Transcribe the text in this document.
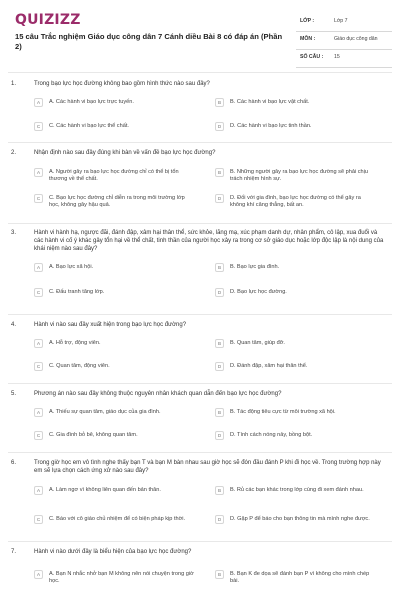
QUIZIZZ
15 câu Trắc nghiệm Giáo dục công dân 7 Cánh diều Bài 8 có đáp án (Phần 2)
LỚP :	Lớp 7
MÔN :	Giáo dục công dân
SỐ CÂU : 15
1.	Trong bạo lực học đường không bao gồm hình thức nào sau đây?
A	A. Các hành vi bạo lực trực tuyến.	B	B. Các hành vi bạo lực vật chất.
C	C. Các hành vi bạo lực thể chất.	D	D. Các hành vi bạo lực tinh thần.
2.	Nhận định nào sau đây đúng khi bàn về vấn đề bạo lực học đường?
A	A. Người gây ra bạo lực học đường chỉ có thể bị tổn thương về thể chất.
B	B. Những người gây ra bạo lực học đường sẽ phải chịu trách nhiệm hình sự.
C	C. Bạo lực học đường chỉ diễn ra trong môi trường lớp học, không gây hậu quả.
D	D. Đối với gia đình, bạo lực học đường có thể gây ra không khí căng thẳng, bất an.
3.	Hành vi hành hạ, ngược đãi, đánh đập, xâm hại thân thể, sức khỏe, lăng mạ, xúc phạm danh dự, nhân phẩm, cô lập, xua đuổi và các hành vi cố ý khác gây tổn hại về thể chất, tinh thần của người học xảy ra trong cơ sở giáo dục hoặc lớp độc lập là nội dung của khái niệm nào sau đây?
A	A. Bạo lực xã hội.	B	B. Bạo lực gia đình.
C	C. Đấu tranh tăng lớp.	D	D. Bạo lực học đường.
4.	Hành vi nào sau đây xuất hiện trong bạo lực học đường?
A	A. Hỗ trợ, động viên.	B	B. Quan tâm, giúp đỡ.
C	C. Quan tâm, động viên.	D	D. Đánh đập, xâm hại thân thể.
5.	Phương án nào sau đây không thuộc nguyên nhân khách quan dẫn đến bạo lực học đường?
A	A. Thiếu sự quan tâm, giáo dục của gia đình.	B	B. Tác động tiêu cực từ môi trường xã hội.
C	C. Gia đình bỏ bê, không quan tâm.	D	D. Tính cách nóng nảy, bồng bột.
6.	Trong giờ học em vô tình nghe thấy bạn T và bạn M bàn nhau sau giờ học sẽ đón đầu đánh P khi đi học về. Trong trường hợp này em sẽ lựa chọn cách ứng xử nào sau đây?
A	A. Làm ngơ vì không liên quan đến bản thân.	B	B. Rủ các bạn khác trong lớp cùng đi xem đánh nhau.
C	C. Báo với cô giáo chủ nhiệm để có biện pháp kịp thời.	D	D. Gặp P để báo cho bạn thông tin mà mình nghe được.
7.	Hành vi nào dưới đây là biểu hiện của bạo lực học đường?
A	A. Bạn N nhắc nhở bạn M không nên nói chuyện trong giờ học.
B	B. Bạn K đe dọa sẽ đánh bạn P vì không cho mình chép bài.
